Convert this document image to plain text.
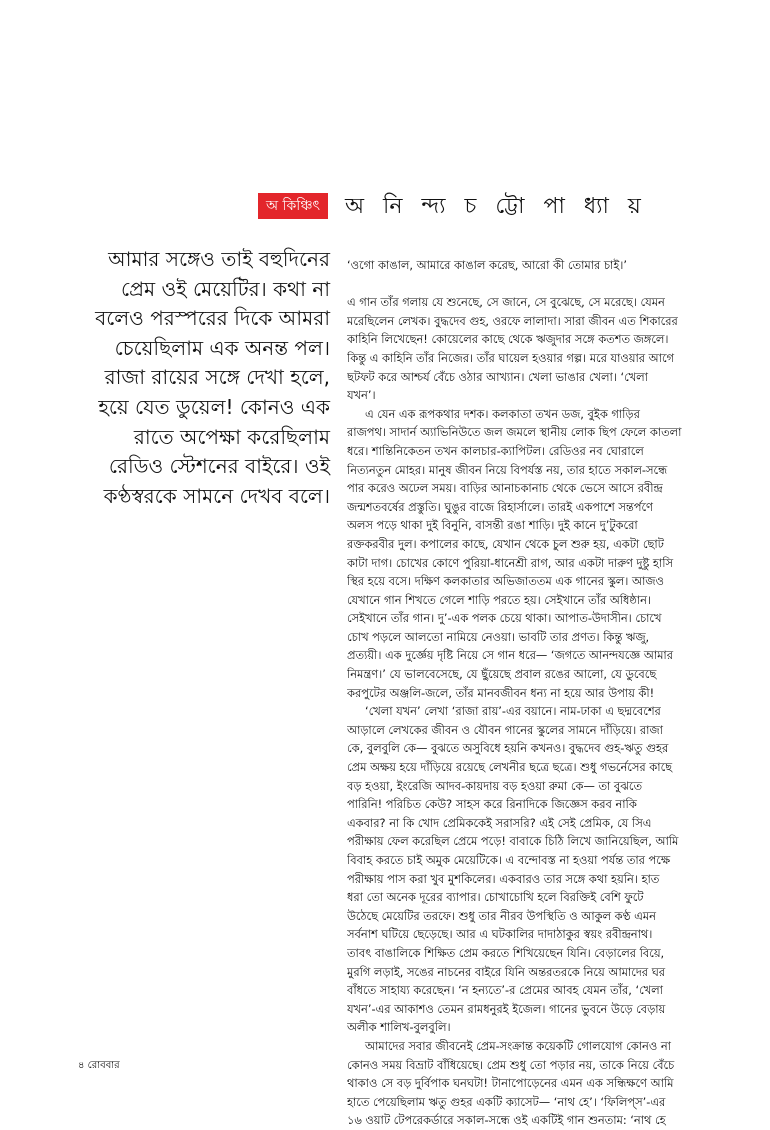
অ কিঞ্চিৎ	অ নি ন্দ্য চ ট্টো পা ধ্যা য়
আমার সঙ্গেও তাই বহুদিনের
প্রেম ওই মেয়েটির। কথা না
বলেও পরস্পরের দিকে আমরা
চেয়েছিলাম এক অনন্ত পল।
রাজা রায়ের সঙ্গে দেখা হলে,
হয়ে যেত ডুয়েল! কোনও এক
রাতে অপেক্ষা করেছিলাম
রেডিও স্টেশনের বাইরে। ওই
কণ্ঠস্বরকে সামনে দেখব বলে।
‘ওগো কাঙাল, আমারে কাঙাল করেছ, আরো কী তোমার চাই।’
এ গান তাঁর গলায় যে শুনেছে, সে জানে, সে বুঝেছে, সে মরেছে। যেমন
মরেছিলেন লেখক। বুদ্ধদেব গুহ, ওরফে লালাদা। সারা জীবন এত শিকারের
কাহিনি লিখেছেন! কোয়েলের কাছে থেকে ঋজুদার সঙ্গে কতশত জঙ্গলে।
কিন্তু এ কাহিনি তাঁর নিজের। তাঁর ঘায়েল হওয়ার গল্প। মরে যাওয়ার আগে
ছটফট করে আশ্চর্য বেঁচে ওঠার আখ্যান। খেলা ভাঙার খেলা। ‘খেলা
যখন’।
এ যেন এক রূপকথার দশক। কলকাতা তখন ডজ, বুইক গাড়ির
রাজপথ। সাদার্ন অ্যাভিনিউতে জল জমলে স্থানীয় লোক ছিপ ফেলে কাতলা
ধরে। শান্তিনিকেতন তখন কালচার-ক্যাপিটল। রেডিওর নব ঘোরালে
নিত্যনতুন মোহর। মানুষ জীবন নিয়ে বিপর্যস্ত নয়, তার হাতে সকাল-সন্ধে
পার করেও অঢেল সময়। বাড়ির আনাচকানাচ থেকে ভেসে আসে রবীন্দ্র
জন্মশতবর্ষের প্রস্তুতি। ঘুঙুর বাজে রিহার্সালে। তারই একপাশে সন্তর্পণে
অলস পড়ে থাকা দুই বিনুনি, বাসন্তী রঙা শাড়ি। দুই কানে দু’টুকরো
রক্তকরবীর দুল। কপালের কাছে, যেখান থেকে চুল শুরু হয়, একটা ছোট
কাটা দাগ। চোখের কোণে পুরিয়া-ধানেশ্রী রাগ, আর একটা দারুণ দুষ্টু হাসি
স্থির হয়ে বসে। দক্ষিণ কলকাতার অভিজাততম এক গানের স্কুল। আজও
যেখানে গান শিখতে গেলে শাড়ি পরতে হয়। সেইখানে তাঁর অধিষ্ঠান।
সেইখানে তাঁর গান। দু’-এক পলক চেয়ে থাকা। আপাত-উদাসীন। চোখে
চোখ পড়লে আলতো নামিয়ে নেওয়া। ভাবটি তার প্রণত। কিন্তু ঋজু,
প্রত্যয়ী। এক দুর্জ্ঞেয় দৃষ্টি নিয়ে সে গান ধরে— ‘জগতে আনন্দযজ্ঞে আমার
নিমন্ত্রণ।’ যে ভালবেসেছে, যে ছুঁয়েছে প্রবাল রঙের আলো, যে ডুবেছে
করপুটের অঞ্জলি-জলে, তাঁর মানবজীবন ধন্য না হয়ে আর উপায় কী!
‘খেলা যখন’ লেখা ‘রাজা রায়’-এর বয়ানে। নাম-ঢাকা এ ছদ্মবেশের
আড়ালে লেখকের জীবন ও যৌবন গানের স্কুলের সামনে দাঁড়িয়ে। রাজা
কে, বুলবুলি কে— বুঝতে অসুবিধে হয়নি কখনও। বুদ্ধদেব গুহ-ঋতু গুহর
প্রেম অক্ষয় হয়ে দাঁড়িয়ে রয়েছে লেখনীর ছত্রে ছত্রে। শুধু গভর্নেসের কাছে
বড় হওয়া, ইংরেজি আদব-কায়দায় বড় হওয়া রুমা কে— তা বুঝতে
পারিনি! পরিচিত কেউ? সাহস করে রিনাদিকে জিজ্ঞেস করব নাকি
একবার? না কি খোদ প্রেমিককেই সরাসরি? এই সেই প্রেমিক, যে সিএ
পরীক্ষায় ফেল করেছিল প্রেমে পড়ে! বাবাকে চিঠি লিখে জানিয়েছিল, আমি
বিবাহ করতে চাই অমুক মেয়েটিকে। এ বন্দোবস্ত না হওয়া পর্যন্ত তার পক্ষে
পরীক্ষায় পাস করা খুব মুশকিলের। একবারও তার সঙ্গে কথা হয়নি। হাত
ধরা তো অনেক দূরের ব্যাপার। চোখাচোখি হলে বিরক্তিই বেশি ফুটে
উঠেছে মেয়েটির তরফে। শুধু তার নীরব উপস্থিতি ও আকুল কণ্ঠ এমন
সর্বনাশ ঘটিয়ে ছেড়েছে। আর এ ঘটকালির দাদাঠাকুর স্বয়ং রবীন্দ্রনাথ।
তাবৎ বাঙালিকে শিক্ষিত প্রেম করতে শিখিয়েছেন যিনি। বেড়ালের বিয়ে,
মুরগি লড়াই, সঙের নাচনের বাইরে যিনি অন্তরতরকে নিয়ে আমাদের ঘর
বাঁধতে সাহায্য করেছেন। ‘ন হন্যতে’-র প্রেমের আবহ যেমন তাঁর, ‘খেলা
যখন’-এর আকাশও তেমন রামধনুরই ইজেল। গানের ভুবনে উড়ে বেড়ায়
অলীক শালিখ-বুলবুলি।
আমাদের সবার জীবনেই প্রেম-সংক্রান্ত কয়েকটি গোলযোগ কোনও না
কোনও সময় বিভ্রাট বাঁধিয়েছে। প্রেম শুধু তো পড়ার নয়, তাকে নিয়ে বেঁচে
থাকাও সে বড় দুর্বিপাক ঘনঘটা! টানাপোড়েনের এমন এক সন্ধিক্ষণে আমি
হাতে পেয়েছিলাম ঋতু গুহর একটি ক্যাসেট— ‘নাথ হে’। ‘ফিলিপ্‌স’-এর
১৬ ওয়াট টেপরেকর্ডারে সকাল-সন্ধে ওই একটিই গান শুনতাম: ‘নাথ হে
৪ রোববার
